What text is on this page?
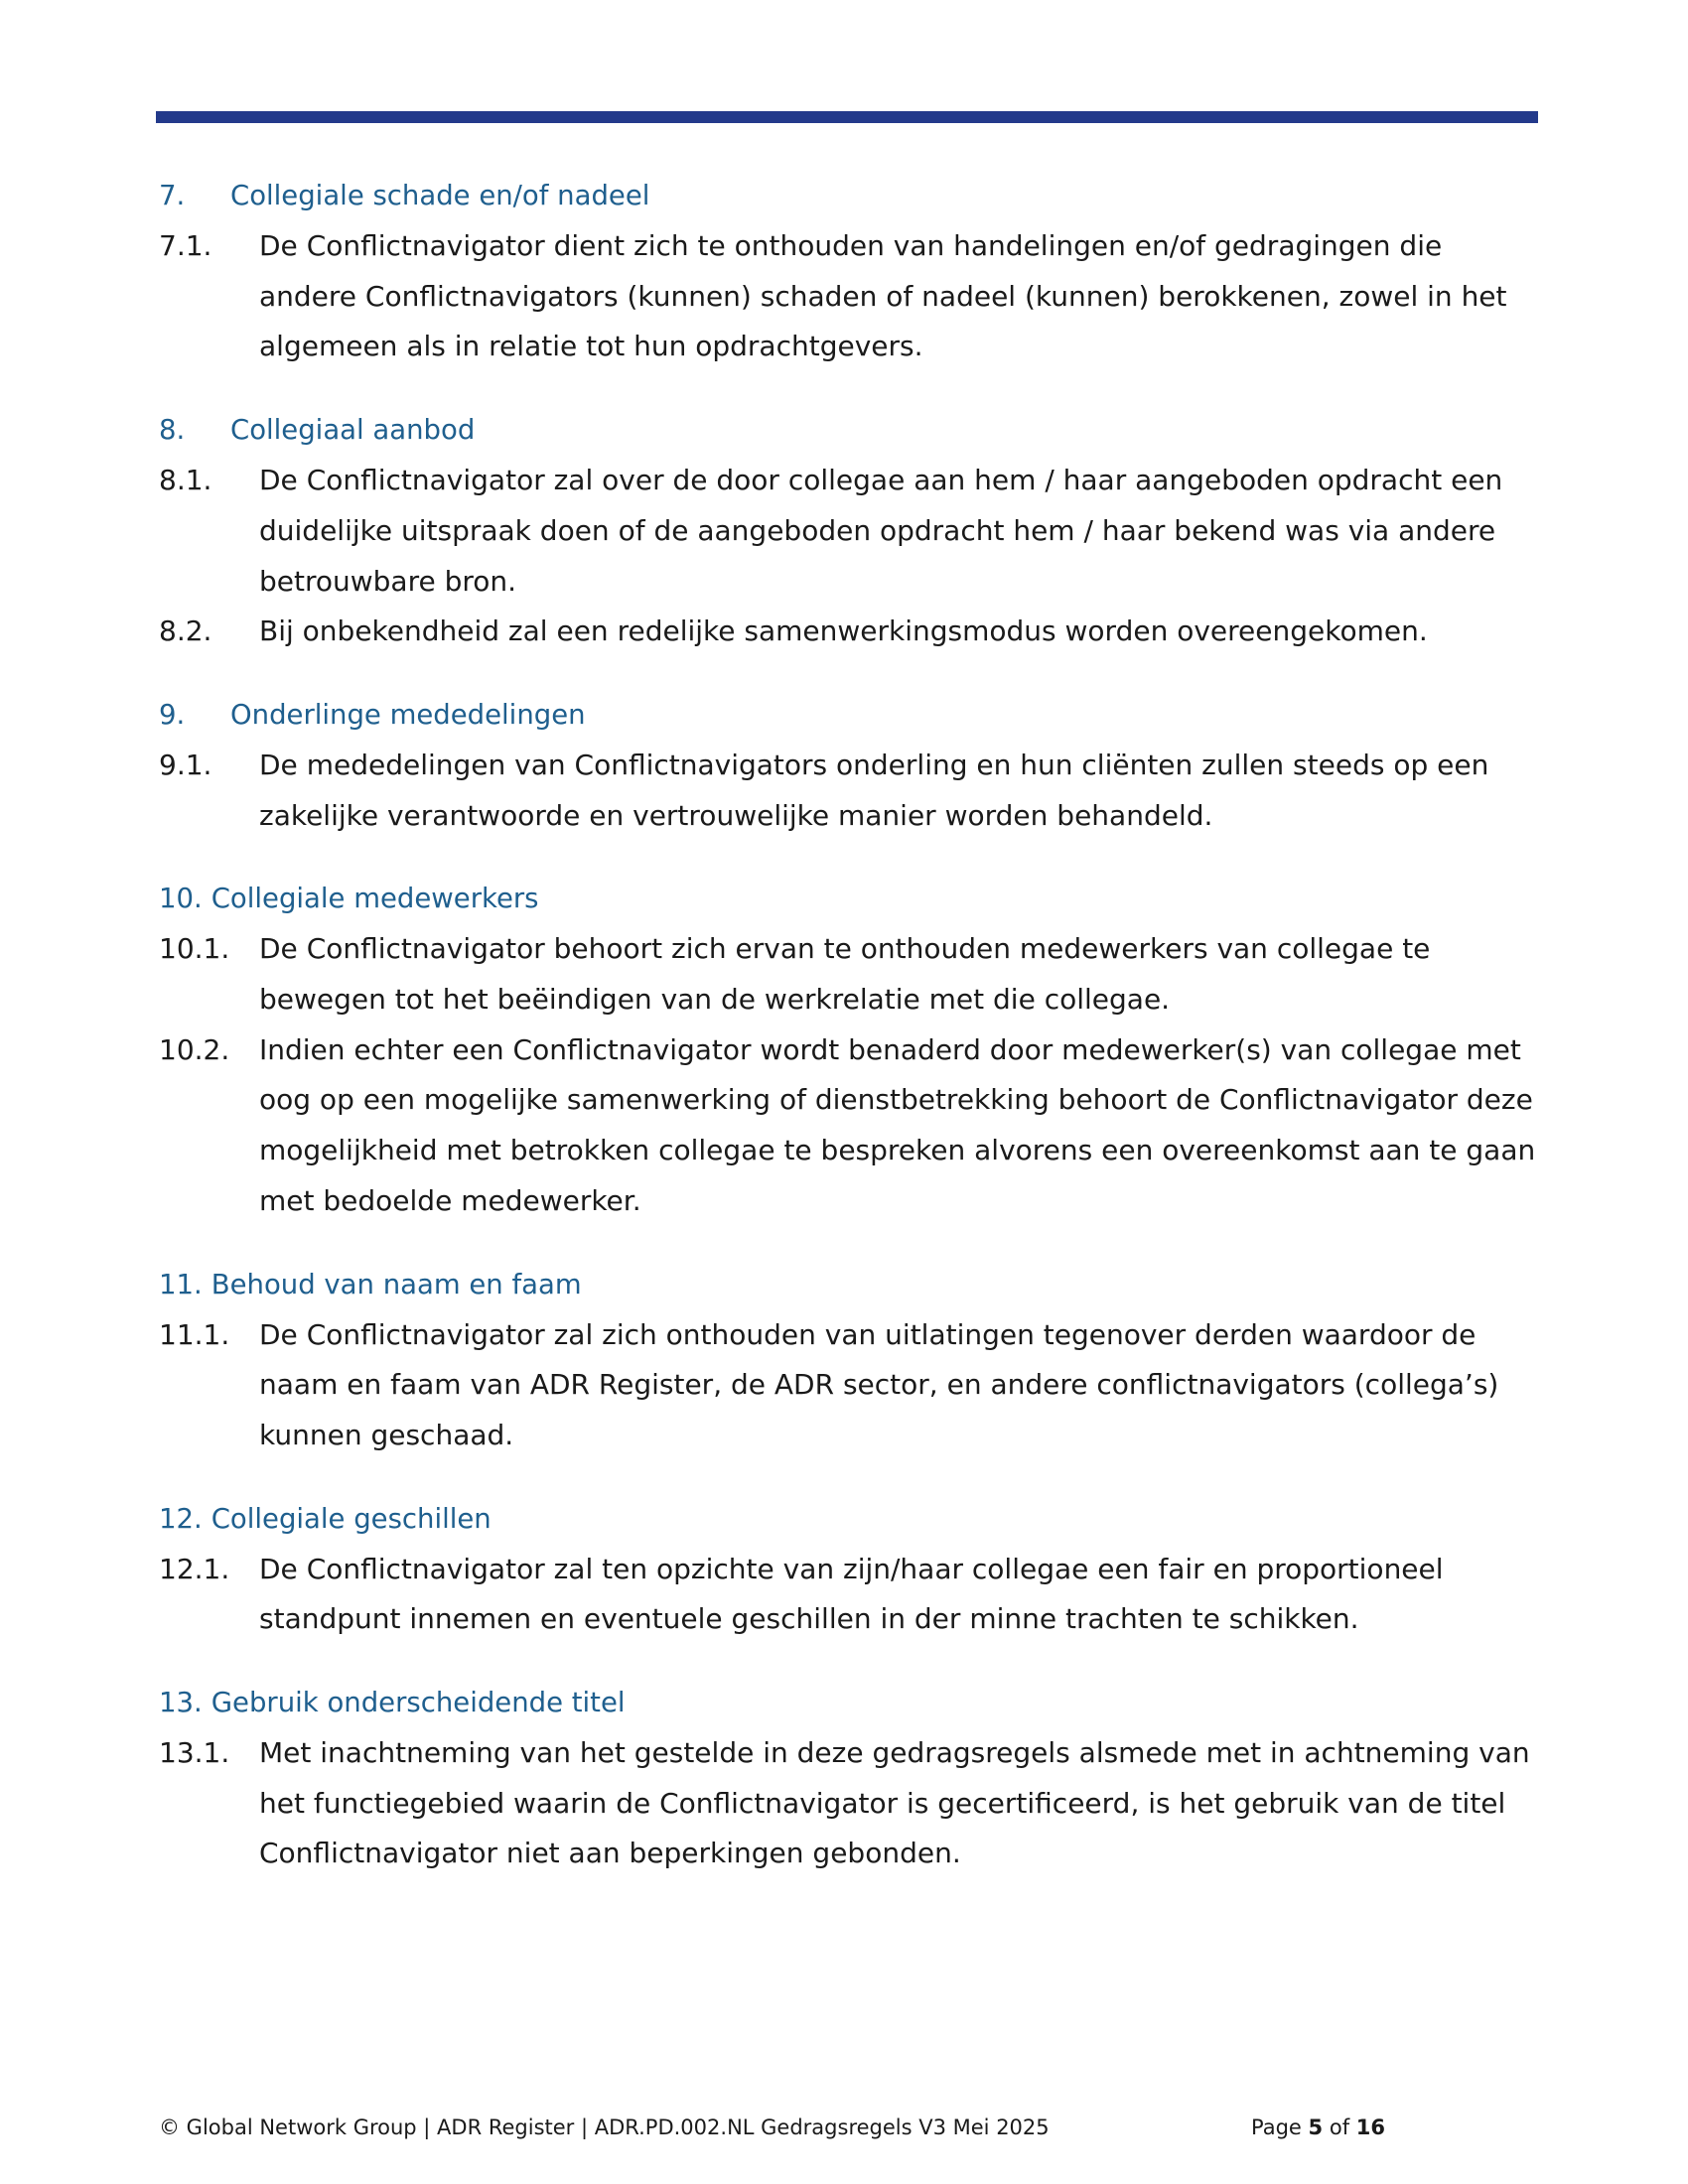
7.	Collegiale schade en/of nadeel
7.1.	De Conflictnavigator dient zich te onthouden van handelingen en/of gedragingen die andere Conflictnavigators (kunnen) schaden of nadeel (kunnen) berokkenen, zowel in het algemeen als in relatie tot hun opdrachtgevers.
8.	Collegiaal aanbod
8.1.	De Conflictnavigator zal over de door collegae aan hem / haar aangeboden opdracht een duidelijke uitspraak doen of de aangeboden opdracht hem / haar bekend was via andere betrouwbare bron.
8.2.	Bij onbekendheid zal een redelijke samenwerkingsmodus worden overeengekomen.
9.	Onderlinge mededelingen
9.1.	De mededelingen van Conflictnavigators onderling en hun cliënten zullen steeds op een zakelijke verantwoorde en vertrouwelijke manier worden behandeld.
10. Collegiale medewerkers
10.1.	De Conflictnavigator behoort zich ervan te onthouden medewerkers van collegae te bewegen tot het beëindigen van de werkrelatie met die collegae.
10.2.	Indien echter een Conflictnavigator wordt benaderd door medewerker(s) van collegae met oog op een mogelijke samenwerking of dienstbetrekking behoort de Conflictnavigator deze mogelijkheid met betrokken collegae te bespreken alvorens een overeenkomst aan te gaan met bedoelde medewerker.
11. Behoud van naam en faam
11.1.	De Conflictnavigator zal zich onthouden van uitlatingen tegenover derden waardoor de naam en faam van ADR Register, de ADR sector, en andere conflictnavigators (collega’s) kunnen geschaad.
12. Collegiale geschillen
12.1.	De Conflictnavigator zal ten opzichte van zijn/haar collegae een fair en proportioneel standpunt innemen en eventuele geschillen in der minne trachten te schikken.
13. Gebruik onderscheidende titel
13.1.	Met inachtneming van het gestelde in deze gedragsregels alsmede met in achtneming van het functiegebied waarin de Conflictnavigator is gecertificeerd, is het gebruik van de titel Conflictnavigator niet aan beperkingen gebonden.
© Global Network Group | ADR Register | ADR.PD.002.NL Gedragsregels V3 Mei 2025	Page 5 of 16
